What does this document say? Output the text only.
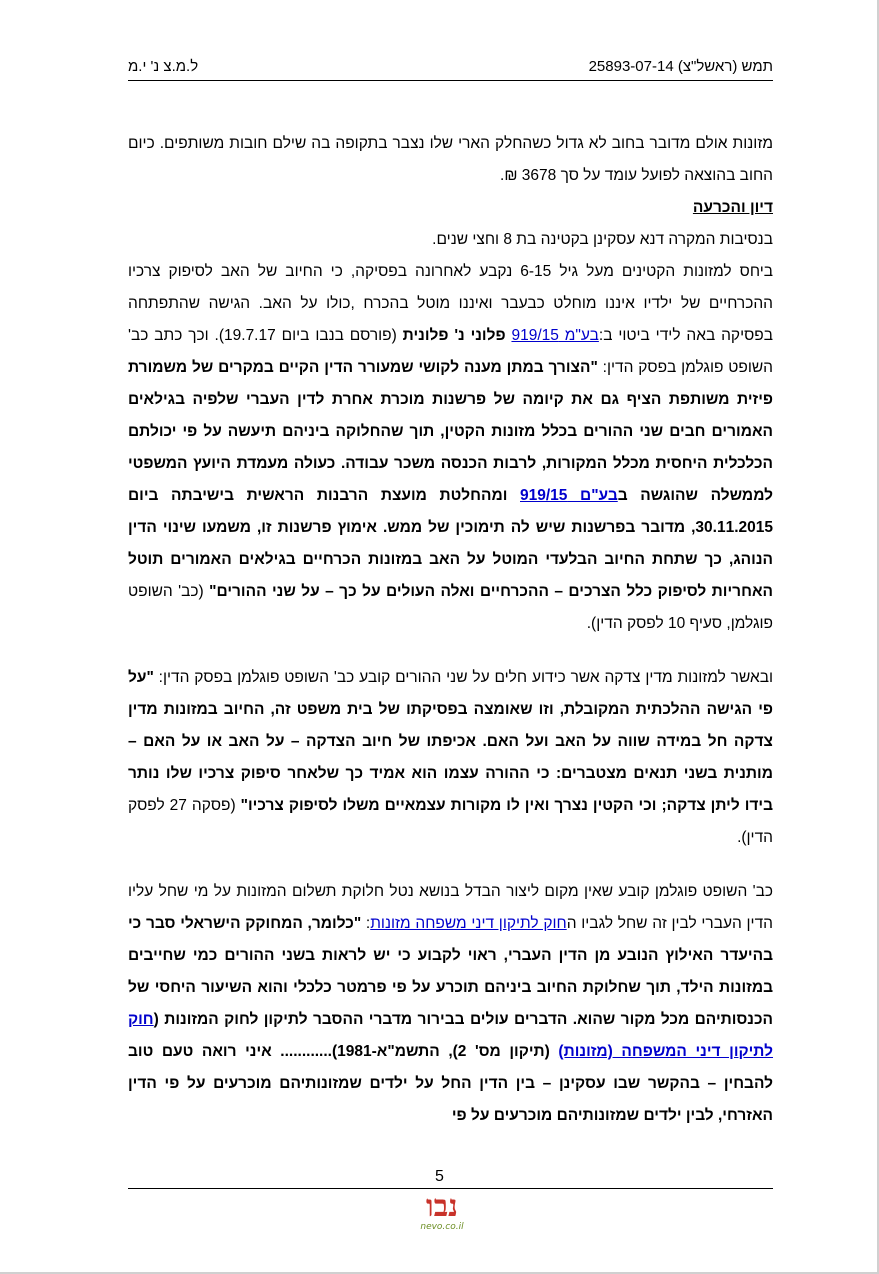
תמש (ראשל"צ) 25893-07-14
ל.מ.צ נ' י.מ

מזונות אולם מדובר בחוב לא גדול כשהחלק הארי שלו נצבר בתקופה בה שילם חובות משותפים. כיום החוב בהוצאה לפועל עומד על סך 3678 ₪.

דיון והכרעה

בנסיבות המקרה דנא עסקינן בקטינה בת 8 וחצי שנים.

ביחס למזונות הקטינים מעל גיל 6-15 נקבע לאחרונה בפסיקה, כי החיוב של האב לסיפוק צרכיו ההכרחיים של ילדיו איננו מוחלט כבעבר ואיננו מוטל בהכרח ,כולו על האב. הגישה שהתפתחה בפסיקה באה לידי ביטוי ב:בע"מ 919/15 פלוני נ' פלונית (פורסם בנבו ביום 19.7.17). וכך כתב כב' השופט פוגלמן בפסק הדין: "הצורך במתן מענה לקושי שמעורר הדין הקיים במקרים של משמורת פיזית משותפת הציף גם את קיומה של פרשנות מוכרת אחרת לדין העברי שלפיה בגילאים האמורים חבים שני ההורים בכלל מזונות הקטין, תוך שהחלוקה ביניהם תיעשה על פי יכולתם הכלכלית היחסית מכלל המקורות, לרבות הכנסה משכר עבודה. כעולה מעמדת היועץ המשפטי לממשלה שהוגשה בבע"ם 919/15 ומהחלטת מועצת הרבנות הראשית בישיבתה ביום 30.11.2015, מדובר בפרשנות שיש לה תימוכין של ממש. אימוץ פרשנות זו, משמעו שינוי הדין הנוהג, כך שתחת החיוב הבלעדי המוטל על האב במזונות הכרחיים בגילאים האמורים תוטל האחריות לסיפוק כלל הצרכים – ההכרחיים ואלה העולים על כך – על שני ההורים" (כב' השופט פוגלמן, סעיף 10 לפסק הדין).

ובאשר למזונות מדין צדקה אשר כידוע חלים על שני ההורים קובע כב' השופט פוגלמן בפסק הדין: "על פי הגישה ההלכתית המקובלת, וזו שאומצה בפסיקתו של בית משפט זה, החיוב במזונות מדין צדקה חל במידה שווה על האב ועל האם. אכיפתו של חיוב הצדקה – על האב או על האם – מותנית בשני תנאים מצטברים: כי ההורה עצמו הוא אמיד כך שלאחר סיפוק צרכיו שלו נותר בידו ליתן צדקה; וכי הקטין נצרך ואין לו מקורות עצמאיים משלו לסיפוק צרכיו" (פסקה 27 לפסק הדין).

כב' השופט פוגלמן קובע שאין מקום ליצור הבדל בנושא נטל חלוקת תשלום המזונות על מי שחל עליו הדין העברי לבין זה שחל לגביו החוק לתיקון דיני משפחה מזונות: "כלומר, המחוקק הישראלי סבר כי בהיעדר האילוץ הנובע מן הדין העברי, ראוי לקבוע כי יש לראות בשני ההורים כמי שחייבים במזונות הילד, תוך שחלוקת החיוב ביניהם תוכרע על פי פרמטר כלכלי והוא השיעור היחסי של הכנסותיהם מכל מקור שהוא. הדברים עולים בבירור מדברי ההסבר לתיקון לחוק המזונות (חוק לתיקון דיני המשפחה (מזונות) (תיקון מס' 2), התשמ"א-1981)............ איני רואה טעם טוב להבחין – בהקשר שבו עסקינן – בין הדין החל על ילדים שמזונותיהם מוכרעים על פי הדין האזרחי, לבין ילדים שמזונותיהם מוכרעים על פי

5
נבו
nevo.co.il
